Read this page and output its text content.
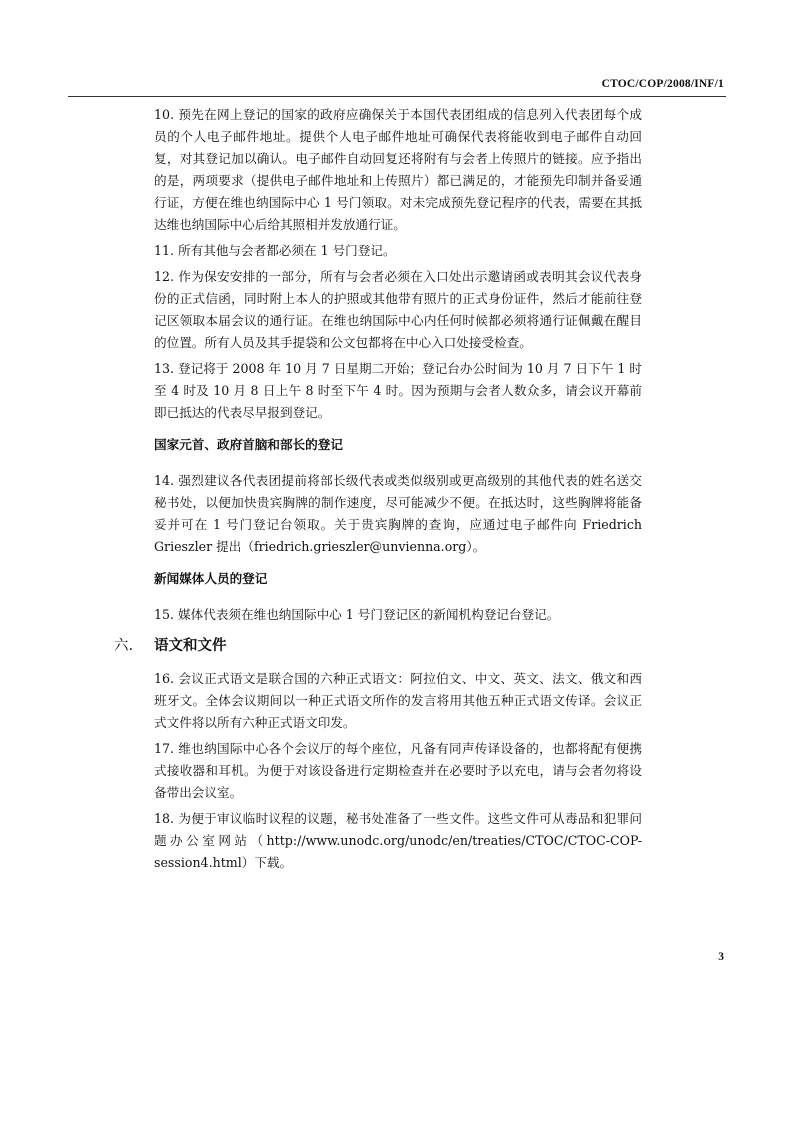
CTOC/COP/2008/INF/1

10. 预先在网上登记的国家的政府应确保关于本国代表团组成的信息列入代表团每个成员的个人电子邮件地址。提供个人电子邮件地址可确保代表将能收到电子邮件自动回复，对其登记加以确认。电子邮件自动回复还将附有与会者上传照片的链接。应予指出的是，两项要求（提供电子邮件地址和上传照片）都已满足的，才能预先印制并备妥通行证，方便在维也纳国际中心 1 号门领取。对未完成预先登记程序的代表，需要在其抵达维也纳国际中心后给其照相并发放通行证。

11. 所有其他与会者都必须在 1 号门登记。

12. 作为保安安排的一部分，所有与会者必须在入口处出示邀请函或表明其会议代表身份的正式信函，同时附上本人的护照或其他带有照片的正式身份证件，然后才能前往登记区领取本届会议的通行证。在维也纳国际中心内任何时候都必须将通行证佩戴在醒目的位置。所有人员及其手提袋和公文包都将在中心入口处接受检查。

13. 登记将于 2008 年 10 月 7 日星期二开始；登记台办公时间为 10 月 7 日下午 1 时至 4 时及 10 月 8 日上午 8 时至下午 4 时。因为预期与会者人数众多，请会议开幕前即已抵达的代表尽早报到登记。

国家元首、政府首脑和部长的登记

14. 强烈建议各代表团提前将部长级代表或类似级别或更高级别的其他代表的姓名送交秘书处，以便加快贵宾胸牌的制作速度，尽可能减少不便。在抵达时，这些胸牌将能备妥并可在 1 号门登记台领取。关于贵宾胸牌的查询，应通过电子邮件向 Friedrich Grieszler 提出（friedrich.grieszler@unvienna.org）。

新闻媒体人员的登记

15. 媒体代表须在维也纳国际中心 1 号门登记区的新闻机构登记台登记。

六. 语文和文件

16. 会议正式语文是联合国的六种正式语文：阿拉伯文、中文、英文、法文、俄文和西班牙文。全体会议期间以一种正式语文所作的发言将用其他五种正式语文传译。会议正式文件将以所有六种正式语文印发。

17. 维也纳国际中心各个会议厅的每个座位，凡备有同声传译设备的，也都将配有便携式接收器和耳机。为便于对该设备进行定期检查并在必要时予以充电，请与会者勿将设备带出会议室。

18. 为便于审议临时议程的议题，秘书处准备了一些文件。这些文件可从毒品和犯罪问题办公室网站（http://www.unodc.org/unodc/en/treaties/CTOC/CTOC-COP-session4.html）下载。

3
